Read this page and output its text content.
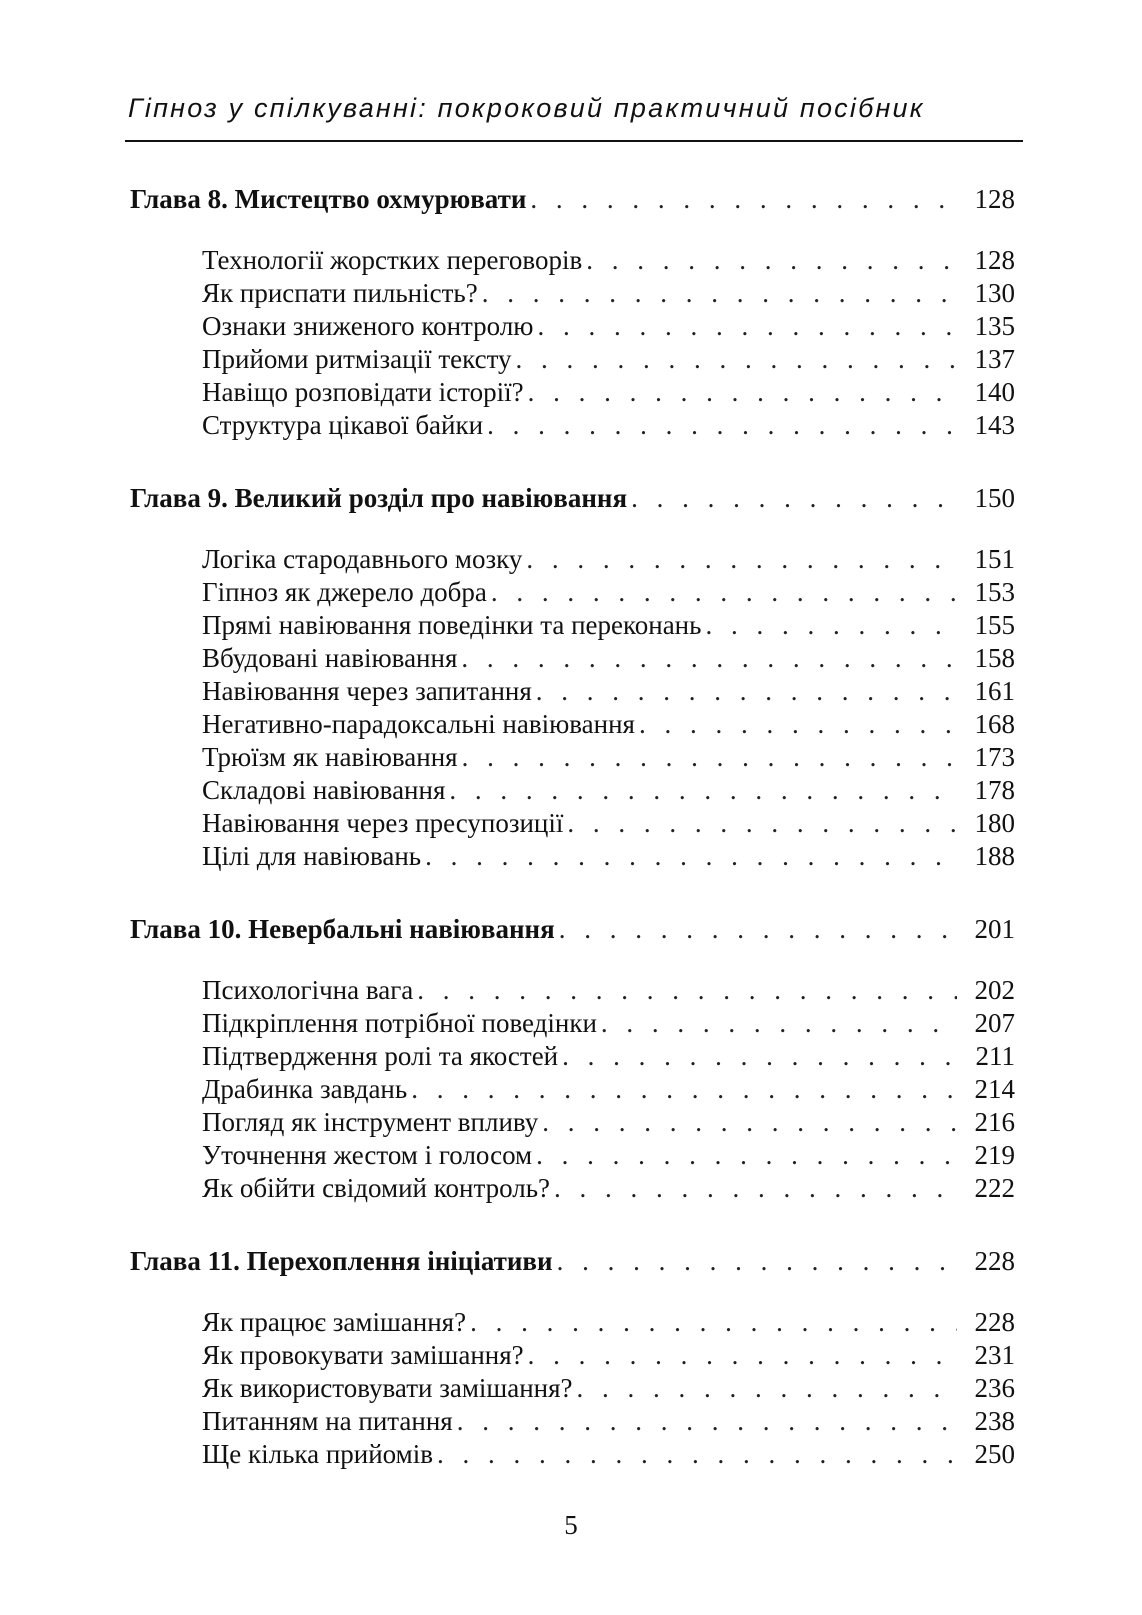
Гіпноз у спілкуванні: покроковий практичний посібник
Глава 8. Мистецтво охмурювати . . .	128
Технології жорстких переговорів . . .	128
Як приспати пильність? . . .	130
Ознаки зниженого контролю . . .	135
Прийоми ритмізації тексту . . .	137
Навіщо розповідати історії? . . .	140
Структура цікавої байки . . .	143
Глава 9. Великий розділ про навіювання . . .	150
Логіка стародавнього мозку . . .	151
Гіпноз як джерело добра . . .	153
Прямі навіювання поведінки та переконань . . .	155
Вбудовані навіювання . . .	158
Навіювання через запитання . . .	161
Негативно-парадоксальні навіювання . . .	168
Трюїзм як навіювання . . .	173
Складові навіювання . . .	178
Навіювання через пресупозиції . . .	180
Цілі для навіювань . . .	188
Глава 10. Невербальні навіювання . . .	201
Психологічна вага . . .	202
Підкріплення потрібної поведінки . . .	207
Підтвердження ролі та якостей . . .	211
Драбинка завдань . . .	214
Погляд як інструмент впливу . . .	216
Уточнення жестом і голосом . . .	219
Як обійти свідомий контроль? . . .	222
Глава 11. Перехоплення ініціативи . . .	228
Як працює замішання? . . .	228
Як провокувати замішання? . . .	231
Як використовувати замішання? . . .	236
Питанням на питання . . .	238
Ще кілька прийомів . . .	250
5
